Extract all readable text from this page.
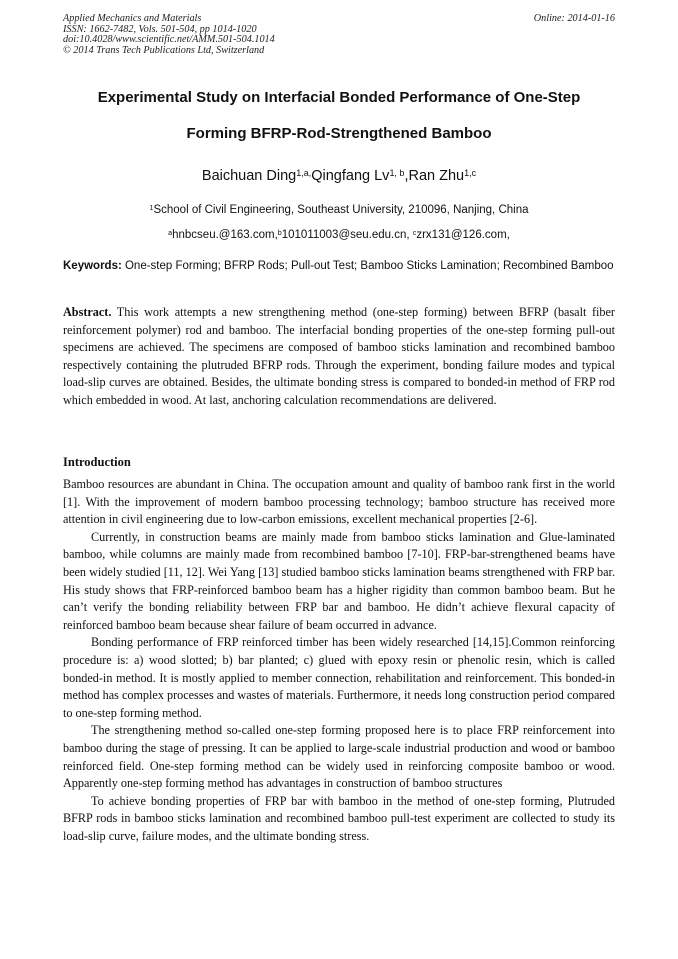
Applied Mechanics and Materials
ISSN: 1662-7482, Vols. 501-504, pp 1014-1020
doi:10.4028/www.scientific.net/AMM.501-504.1014
© 2014 Trans Tech Publications Ltd, Switzerland
Online: 2014-01-16
Experimental Study on Interfacial Bonded Performance of One-Step
Forming BFRP-Rod-Strengthened Bamboo
Baichuan Ding$^{1,a,}$Qingfang Lv$^{1, b}$,Ran Zhu$^{1,c}$
$^1$School of Civil Engineering, Southeast University, 210096, Nanjing, China
$^a$hnbcseu.@163.com,$^b$101011003@seu.edu.cn, $^c$zrx131@126.com,
Keywords: One-step Forming; BFRP Rods; Pull-out Test; Bamboo Sticks Lamination; Recombined Bamboo
Abstract. This work attempts a new strengthening method (one-step forming) between BFRP (basalt fiber reinforcement polymer) rod and bamboo. The interfacial bonding properties of the one-step forming pull-out specimens are achieved. The specimens are composed of bamboo sticks lamination and recombined bamboo respectively containing the plutruded BFRP rods. Through the experiment, bonding failure modes and typical load-slip curves are obtained. Besides, the ultimate bonding stress is compared to bonded-in method of FRP rod which embedded in wood. At last, anchoring calculation recommendations are delivered.
Introduction

Bamboo resources are abundant in China. The occupation amount and quality of bamboo rank first in the world [1]. With the improvement of modern bamboo processing technology; bamboo structure has received more attention in civil engineering due to low-carbon emissions, excellent mechanical properties [2-6].

Currently, in construction beams are mainly made from bamboo sticks lamination and Glue-laminated bamboo, while columns are mainly made from recombined bamboo [7-10]. FRP-bar-strengthened beams have been widely studied [11, 12]. Wei Yang [13] studied bamboo sticks lamination beams strengthened with FRP bar. His study shows that FRP-reinforced bamboo beam has a higher rigidity than common bamboo beam. But he can’t verify the bonding reliability between FRP bar and bamboo. He didn’t achieve flexural capacity of reinforced bamboo beam because shear failure of beam occurred in advance.

Bonding performance of FRP reinforced timber has been widely researched [14,15].Common reinforcing procedure is: a) wood slotted; b) bar planted; c) glued with epoxy resin or phenolic resin, which is called bonded-in method. It is mostly applied to member connection, rehabilitation and reinforcement. This bonded-in method has complex processes and wastes of materials. Furthermore, it needs long construction period compared to one-step forming method.

The strengthening method so-called one-step forming proposed here is to place FRP reinforcement into bamboo during the stage of pressing. It can be applied to large-scale industrial production and wood or bamboo reinforced field. One-step forming method can be widely used in reinforcing composite bamboo or wood. Apparently one-step forming method has advantages in construction of bamboo structures

To achieve bonding properties of FRP bar with bamboo in the method of one-step forming, Plutruded BFRP rods in bamboo sticks lamination and recombined bamboo pull-test experiment are collected to study its load-slip curve, failure modes, and the ultimate bonding stress.
